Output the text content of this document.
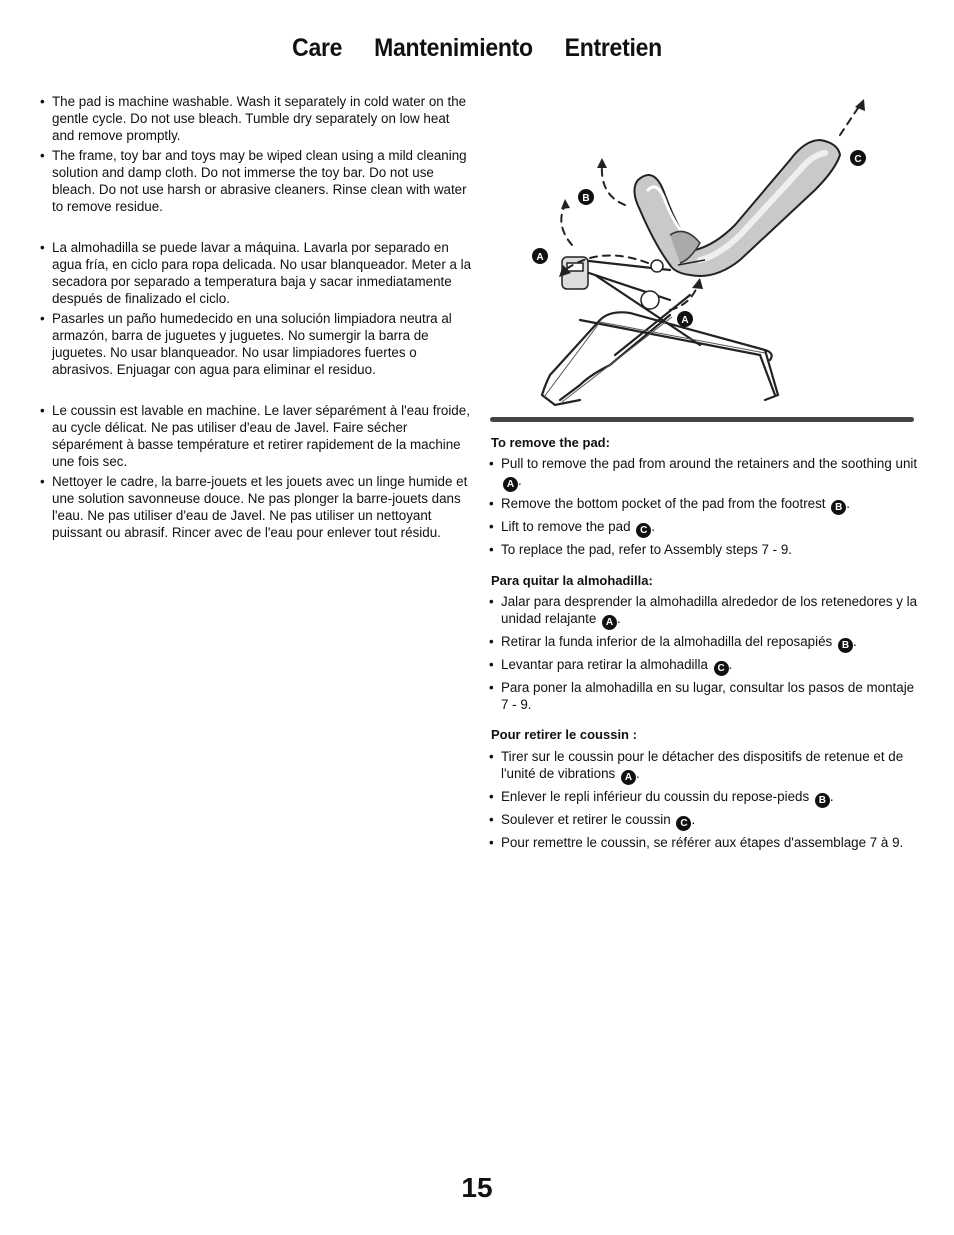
Care Mantenimiento Entretien
• The pad is machine washable. Wash it separately in cold water on the gentle cycle. Do not use bleach. Tumble dry separately on low heat and remove promptly.
• The frame, toy bar and toys may be wiped clean using a mild cleaning solution and damp cloth. Do not immerse the toy bar. Do not use bleach. Do not use harsh or abrasive cleaners. Rinse clean with water to remove residue.
• La almohadilla se puede lavar a máquina. Lavarla por separado en agua fría, en ciclo para ropa delicada. No usar blanqueador. Meter a la secadora por separado a temperatura baja y sacar inmediatamente después de finalizado el ciclo.
• Pasarles un paño humedecido en una solución limpiadora neutra al armazón, barra de juguetes y juguetes. No sumergir la barra de juguetes. No usar blanqueador. No usar limpiadores fuertes o abrasivos. Enjuagar con agua para eliminar el residuo.
• Le coussin est lavable en machine. Le laver séparément à l'eau froide, au cycle délicat. Ne pas utiliser d'eau de Javel. Faire sécher séparément à basse température et retirer rapidement de la machine une fois sec.
• Nettoyer le cadre, la barre-jouets et les jouets avec un linge humide et une solution savonneuse douce. Ne pas plonger la barre-jouets dans l'eau. Ne pas utiliser d'eau de Javel. Ne pas utiliser un nettoyant puissant ou abrasif. Rincer avec de l'eau pour enlever tout résidu.
A
B
C
A
To remove the pad:
• Pull to remove the pad from around the retainers and the soothing unit A .
• Remove the bottom pocket of the pad from the footrest B .
• Lift to remove the pad C .
• To replace the pad, refer to Assembly steps 7 - 9.
Para quitar la almohadilla:
• Jalar para desprender la almohadilla alrededor de los retenedores y la unidad relajante A .
• Retirar la funda inferior de la almohadilla del reposapiés B .
• Levantar para retirar la almohadilla C .
• Para poner la almohadilla en su lugar, consultar los pasos de montaje 7 - 9.
Pour retirer le coussin :
• Tirer sur le coussin pour le détacher des dispositifs de retenue et de l'unité de vibrations A .
• Enlever le repli inférieur du coussin du repose-pieds B .
• Soulever et retirer le coussin C .
• Pour remettre le coussin, se référer aux étapes d'assemblage 7 à 9.
15
